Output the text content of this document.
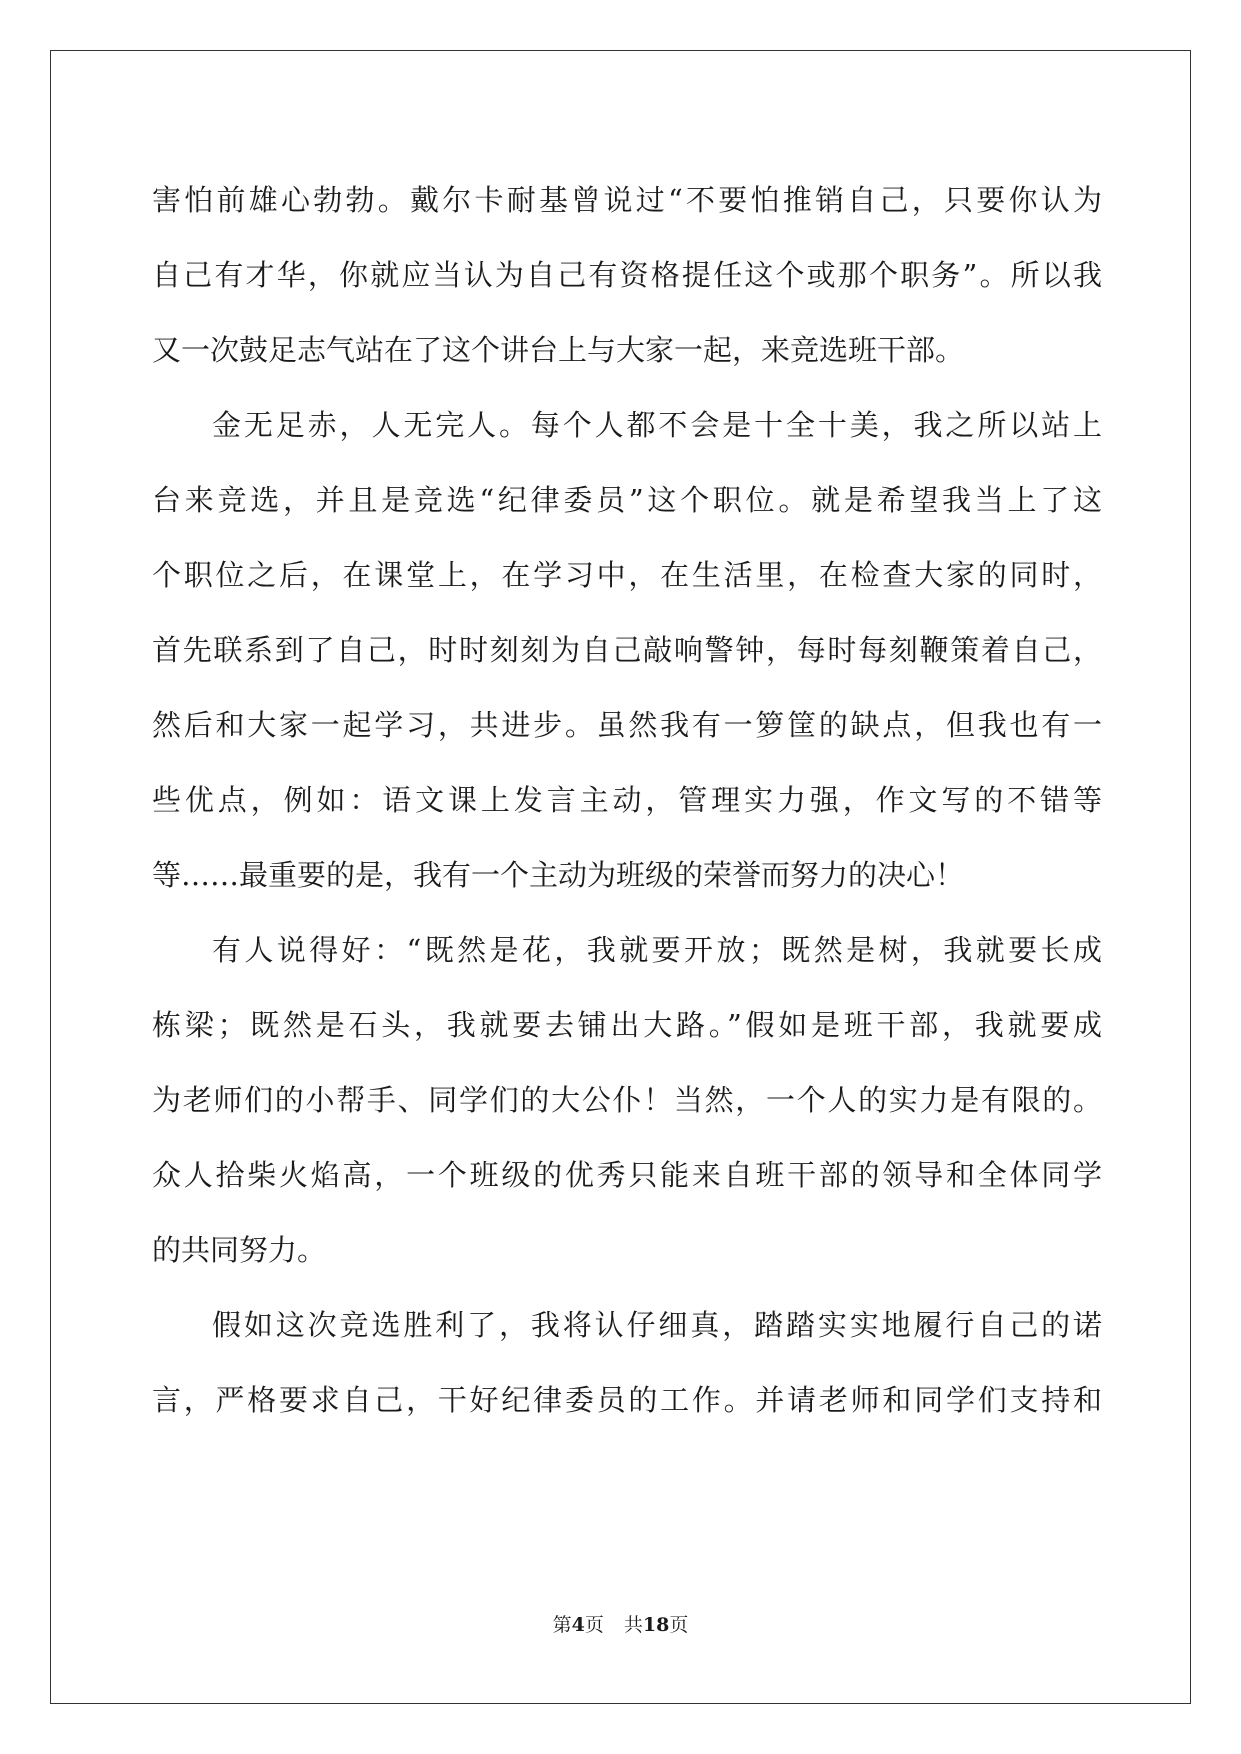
害怕前雄心勃勃。戴尔卡耐基曾说过“不要怕推销自己，只要你认为

自己有才华，你就应当认为自己有资格提任这个或那个职务”。所以我

又一次鼓足志气站在了这个讲台上与大家一起，来竞选班干部。

金无足赤，人无完人。每个人都不会是十全十美，我之所以站上

台来竞选，并且是竞选“纪律委员”这个职位。就是希望我当上了这

个职位之后，在课堂上，在学习中，在生活里，在检查大家的同时，

首先联系到了自己，时时刻刻为自己敲响警钟，每时每刻鞭策着自己，

然后和大家一起学习，共进步。虽然我有一箩筐的缺点，但我也有一

些优点，例如：语文课上发言主动，管理实力强，作文写的不错等

等……最重要的是，我有一个主动为班级的荣誉而努力的决心！

有人说得好：“既然是花，我就要开放；既然是树，我就要长成

栋梁；既然是石头，我就要去铺出大路。”假如是班干部，我就要成

为老师们的小帮手、同学们的大公仆！当然，一个人的实力是有限的。

众人拾柴火焰高，一个班级的优秀只能来自班干部的领导和全体同学

的共同努力。

假如这次竞选胜利了，我将认仔细真，踏踏实实地履行自己的诺

言，严格要求自己，干好纪律委员的工作。并请老师和同学们支持和

第4页 共18页
